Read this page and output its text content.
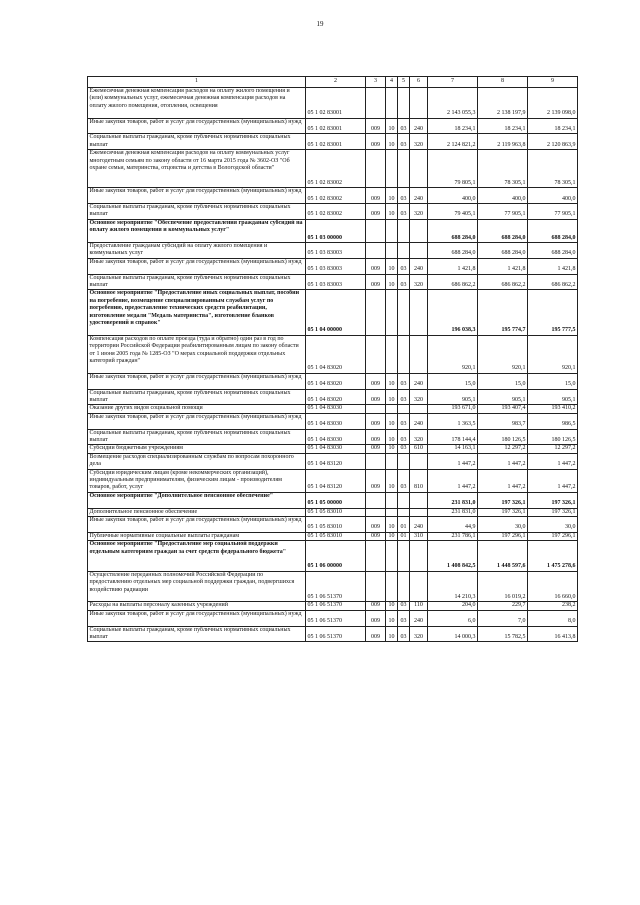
19
1	2	3	4	5	6	7	8	9
Ежемесячная денежная компенсация расходов на оплату жилого помещения и (или) коммунальных услуг, ежемесячная денежная компенсация расходов на оплату жилого помещения, отопления, освещения	05 1 02 83001					2 143 055,3	2 138 197,9	2 139 098,0
Иные закупки товаров, работ и услуг для государственных (муниципальных) нужд	05 1 02 83001	009	10	03	240	18 234,1	18 234,1	18 234,1
Социальные выплаты гражданам, кроме публичных нормативных социальных выплат	05 1 02 83001	009	10	03	320	2 124 821,2	2 119 963,8	2 120 863,9
Ежемесячная денежная компенсация расходов на оплату коммунальных услуг многодетным семьям по закону области от 16 марта 2015 года № 3602-ОЗ "Об охране семьи, материнства, отцовства и детства в Вологодской области"	05 1 02 83002					79 805,1	78 305,1	78 305,1
Иные закупки товаров, работ и услуг для государственных (муниципальных) нужд	05 1 02 83002	009	10	03	240	400,0	400,0	400,0
Социальные выплаты гражданам, кроме публичных нормативных социальных выплат	05 1 02 83002	009	10	03	320	79 405,1	77 905,1	77 905,1
Основное мероприятие "Обеспечение предоставления гражданам субсидий на оплату жилого помещения и коммунальных услуг"	05 1 03 00000					688 284,0	688 284,0	688 284,0
Предоставление гражданам субсидий на оплату жилого помещения и коммунальных услуг	05 1 03 83003					688 284,0	688 284,0	688 284,0
Иные закупки товаров, работ и услуг для государственных (муниципальных) нужд	05 1 03 83003	009	10	03	240	1 421,8	1 421,8	1 421,8
Социальные выплаты гражданам, кроме публичных нормативных социальных выплат	05 1 03 83003	009	10	03	320	686 862,2	686 862,2	686 862,2
Основное мероприятие "Предоставление иных социальных выплат, пособии на погребение, возмещение специализированным службам услуг по погребению, предоставление технических средств реабилитации, изготовление медали "Медаль материнства", изготовление бланков удостоверений и справок"	05 1 04 00000					196 038,3	195 774,7	195 777,5
Компенсация расходов по оплате проезда (туда и обратно) один раз в год по территории Российской Федерации реабилитированным лицам по закону области от 1 июня 2005 года № 1285-ОЗ "О мерах социальной поддержки отдельных категорий граждан"	05 1 04 83020					920,1	920,1	920,1
Иные закупки товаров, работ и услуг для государственных (муниципальных) нужд	05 1 04 83020	009	10	03	240	15,0	15,0	15,0
Социальные выплаты гражданам, кроме публичных нормативных социальных выплат	05 1 04 83020	009	10	03	320	905,1	905,1	905,1
Оказание других видов социальной помощи	05 1 04 83030					193 671,0	193 407,4	193 410,2
Иные закупки товаров, работ и услуг для государственных (муниципальных) нужд	05 1 04 83030	009	10	03	240	1 363,5	983,7	986,5
Социальные выплаты гражданам, кроме публичных нормативных социальных выплат	05 1 04 83030	009	10	03	320	178 144,4	180 126,5	180 126,5
Субсидии бюджетным учреждениям	05 1 04 83030	009	10	03	610	14 163,1	12 297,2	12 297,2
Возмещение расходов специализированным службам по вопросам похоронного дела	05 1 04 83120					1 447,2	1 447,2	1 447,2
Субсидии юридическим лицам (кроме некоммерческих организаций), индивидуальным предпринимателям, физическим лицам - производителям товаров, работ, услуг	05 1 04 83120	009	10	03	810	1 447,2	1 447,2	1 447,2
Основное мероприятие "Дополнительное пенсионное обеспечение"	05 1 05 00000					231 831,0	197 326,1	197 326,1
Дополнительное пенсионное обеспечение	05 1 05 83010					231 831,0	197 326,1	197 326,1
Иные закупки товаров, работ и услуг для государственных (муниципальных) нужд	05 1 05 83010	009	10	01	240	44,9	30,0	30,0
Публичные нормативные социальные выплаты гражданам	05 1 05 83010	009	10	01	310	231 786,1	197 296,1	197 296,1
Основное мероприятие "Предоставление мер социальной поддержки отдельным категориям граждан за счет средств федерального бюджета"	05 1 06 00000					1 408 842,5	1 448 597,6	1 475 278,6
Осуществление переданных полномочий Российской Федерации по предоставлению отдельных мер социальной поддержки граждан, подвергшихся воздействию радиации	05 1 06 51370					14 210,3	16 019,2	16 660,0
Расходы на выплаты персоналу казенных учреждений	05 1 06 51370	009	10	03	110	204,0	229,7	238,2
Иные закупки товаров, работ и услуг для государственных (муниципальных) нужд	05 1 06 51370	009	10	03	240	6,0	7,0	8,0
Социальные выплаты гражданам, кроме публичных нормативных социальных выплат	05 1 06 51370	009	10	03	320	14 000,3	15 782,5	16 413,8
